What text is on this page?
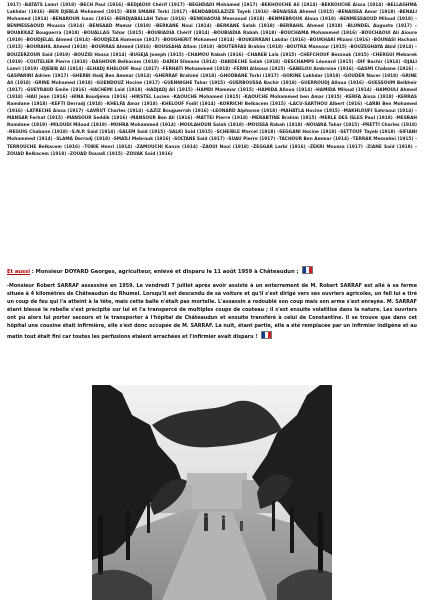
1917) –BATATS Lamri (1918) –BECH Paul (1916) –BEDJAOUI Chérif (1917) –BEGHDADI Mohamed (1917) –BEKHOUCHE Ali (1914) –BEKKOUCHE Aissa (1914) –BELLAGHMA Lakhdar (1916) –BEN DJEBLA Mohamed (1915) –BEN SMANE Terki (1917) –BENDABDELAZIZE Tayeb (1916) –BENAISSA Ahmed (1915) –BENAISSA Amar (1918) –BENALI Mohamed (1914) –BENAROUN Isaac (1916) –BENDJABALLAH Tahar (1916) –BENKHAOUA Messaoud (1918) –BENMEBROUK Aloua (1918) –BENMESSAOUD Miloud (1918) –BENMESSAOUD Moussa (1914) –BENSAAD Mamar (1919) –BERKANE Noui (1914) –BERKANE Salah (1918) –BERRAHIL Ahmed (1918) –BLONDEL Auguste (1917) –BOUAKKAZ Bouguerra (1918) –BOUALLAG Tahar (1915) –BOUBIADIA Chérif (1914) –BOUBIADIA Rabah (1918) –BOUCHAMA Mohammed (1916) –BOUCHAOUI Ali Aioure (1919) –BOUDJELAL Ahmed (1914) –BOUDJEZA Hamesse (1917) –BOUGHERIT Mohamed (1914) –BOUKERRANI Lakdar (1916) –BOUKHARI Mizani (1916) –BOUNASI Hachani (1915) –BOURAHIL Ahmed (1918) –BOURRAS Ahmed (1916) –BOUSSAHA Allam (1918) –BOUTERFAS Brahim (1918) –BOUTRA Mansour (1915) –BOUZEGHAYA Abid (1914) –BOUZERZOUR Saïd (1919) –BOUZID Hassa (1914) –BUGEJA Joseph (1915) –CHAMOU Rabah (1916) –CHAREB Lala (1915) –CHEFCHOUF Bezzouk (1915) –CHERGUI Mebarek (1919) –COUTELIER Pierre (1918) –DAGHOUR Belkacem (1918) –DAÏKH Slimane (1914) –DARDECHE Salah (1918) –DESCHAMPS Léonard (1915) –DIF Bachir (1914) –DJALI Lamri (1919) –DJEBIB Ali (1914) –ELHADJ KHELOUF Noui (1917) –FERHATI Mohammed (1918) –FERNI Allaoua (1915) –GABELOU Ambroise (1916) –GASMI Chabane (1916) –GASPARINI Adrien (1917) –GHERBI Hadj Ben Ammar (1914) –GHERRAF Brahimi (1918) –GHODBANE Torki (1917) –GORINE Lakhdar (1918) –GOUDER Nacer (1918) –GRINE Ali (1918) –GRINE Mohamed (1918) –GUENDOUZ Hocine (1917) –GUENNIGHE Tahar (1915) –GUERBOUSSA Bachir (1918) –GUERROUDJ Alloua (1916) –GUESSOUM Belkheir (1917) –GUEYRAUD Emile (1916) –HACHEMI Laid (1918) –HADJADJ Ali (1915) –HAMDI Mammar (1915) –HAMIDA Alloua (1914) –HAMIDA Miloud (1914) –HAMOULI Ahmed (1918) –HAU Jean (1916) –HINA Boudjéma (1916) –HIRSTEL Lucien –KAOUCHE Mohamed (1915) –KAOUCHE Mohammed ben Amar (1915) –KERFA Aissa (1918) –KERRAS Ramdane (1918) –KEFTI Derradj (1918) –KHELFA Amar (1918) –KHELOUF Fodil (1914) –KORRICHI Belkacem (1915) –LACU-SARTHOU Albert (1916) –LARBI Ben Mohamed (1916) –LATRECHE Aissa (1917) –LAVRUT Charles (1914) –LAZIZ Bouguerrah (1916) –LEONARD Alphonse (1918) –MAHATLA Hocine (1915) –MAKHLOUFI Sahraoui (1914) –MANSAR Ferhat (1915) –MANSOUR Seddik (1916) –MANSOUR Ben Ali (1916) –MATTEI Pierre (1918) –MERABTINE Brahim (1915) –MERLE DES ISLES Paul (1918) –MESBAH Ramdane (1919) –MILOUDI Miloud (1919) –MOHRA Mohammed (1914) –MOULAHOUN Salah (1918) –MOUSSA Rabah (1918) –NOUARA Tahar (1915) –PRETTI Charles (1918) –REGUIG Chabane (1918) –S.N.P. Said (1914) –SALEM Said (1915) –SALKI Said (1915) –SCHEIBLE Marcel (1918) –SEGGANI Hocine (1918) –SETTOUF Tayeb (1918) –SIFIANI Mohammed (1914) –SLAMA Derradj (1918) –SMAÏLI Mebrouk (1916) –SOLTANE Said (1917) –SUAU Pierre (1917) –TACHOUR Ben Ammar (1914) –TERRAK Messelmi (1915) –TERROUCHE Belkacem (1916) –TOBIE Henri (1914) –ZAMOUCHI Kanza (1914) –ZAOUI Noui (1918) –ZEGGAR Larbi (1916) –ZEKRI Moussa (1917) –ZIANE Saïd (1918) –ZOUAD Belkacem (1918) –ZOUAD Douadi (1915) –ZOUAK Saïd (1916)
Et aussi : Monsieur DOYARD Georges, agriculteur, enlevé et disparu le 11 août 1959 à Châteaudun ;
-Monsieur Robert SARRAF assassiné en 1959. Le vendredi 7 juillet après avoir assisté à un enterrement de M. Robert SARRAF est allé à sa ferme située à 4 kilomètres de Châteaudun du Rhumel. Lorsqu'il est descendu de sa voiture et qu'il s'est dirigé vers ses ouvriers agricoles, un fell lui a tiré un coup de feu qui l'a atteint à la tête, mais cette balle n'était pas mortelle. L'assassin a redoublé son coup mais son arme s'est enrayée. M. SARRAF étant blessé le rebelle s'est précipité sur lui et l'a transpercé de multiples coups de couteau ; il s'est ensuite volatilisé dans la nature. Les ouvriers ont pu alors lui porter secours et le transporter à l'hôpital de Châteaudun et ensuite transféré à celui de Constantine. Il se trouve que dans cet hôpital une cousine était infirmière, elle s'est donc occupée de M. SARRAF. La nuit, étant partie, elle a été remplacée par un infirmier indigène et au matin tout était fini car toutes les perfusions étaient arrachées et l'infirmier avait disparu !
